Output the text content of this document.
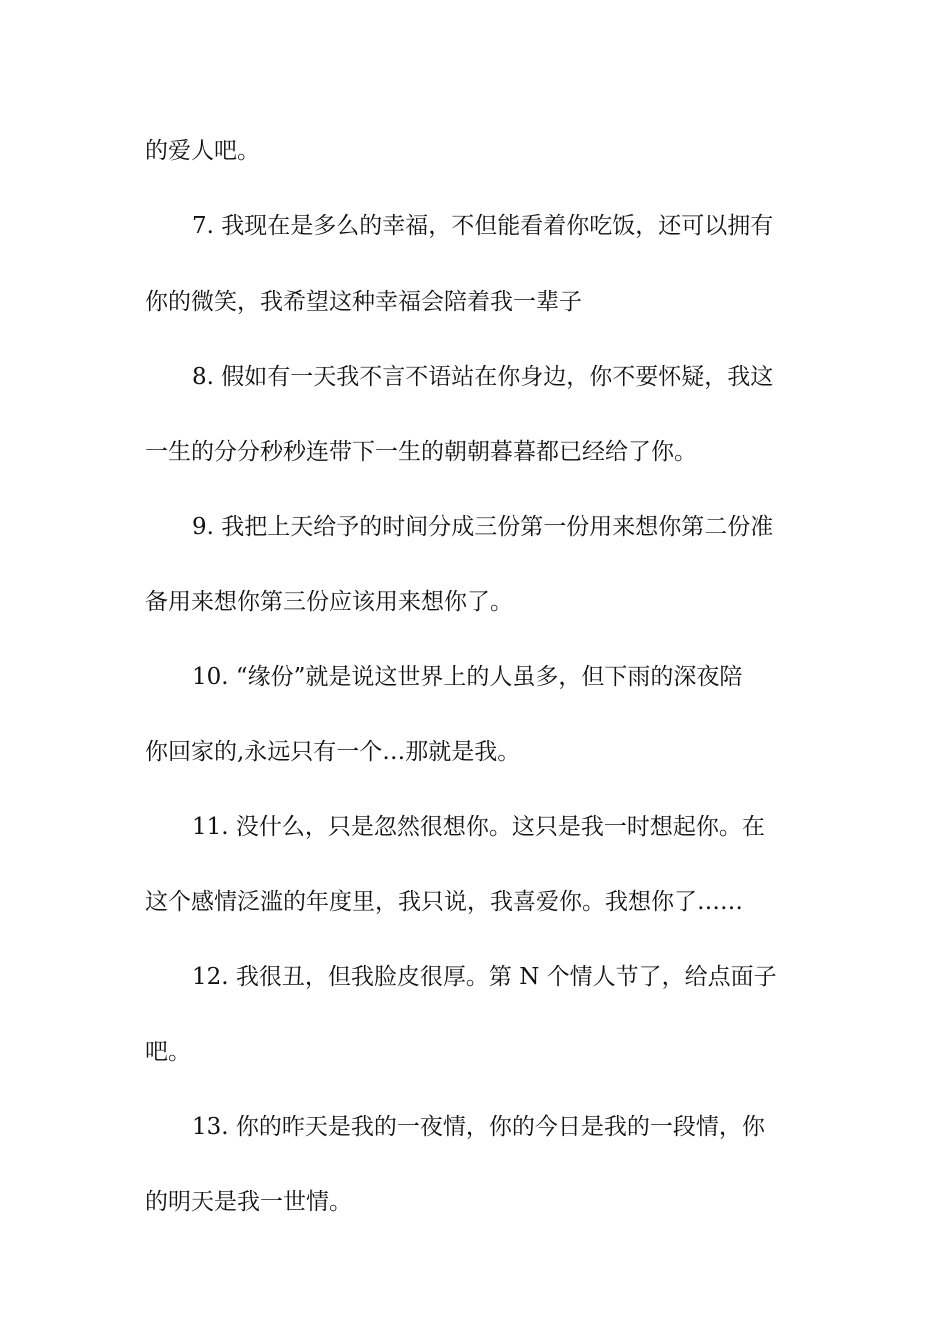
的爱人吧。
7. 我现在是多么的幸福，不但能看着你吃饭，还可以拥有
你的微笑，我希望这种幸福会陪着我一辈子
8. 假如有一天我不言不语站在你身边，你不要怀疑，我这
一生的分分秒秒连带下一生的朝朝暮暮都已经给了你。
9. 我把上天给予的时间分成三份第一份用来想你第二份准
备用来想你第三份应该用来想你了。
10. “缘份”就是说这世界上的人虽多，但下雨的深夜陪
你回家的,永远只有一个…那就是我。
11. 没什么，只是忽然很想你。这只是我一时想起你。在
这个感情泛滥的年度里，我只说，我喜爱你。我想你了……
12. 我很丑，但我脸皮很厚。第 N 个情人节了，给点面子
吧。
13. 你的昨天是我的一夜情，你的今日是我的一段情，你
的明天是我一世情。
